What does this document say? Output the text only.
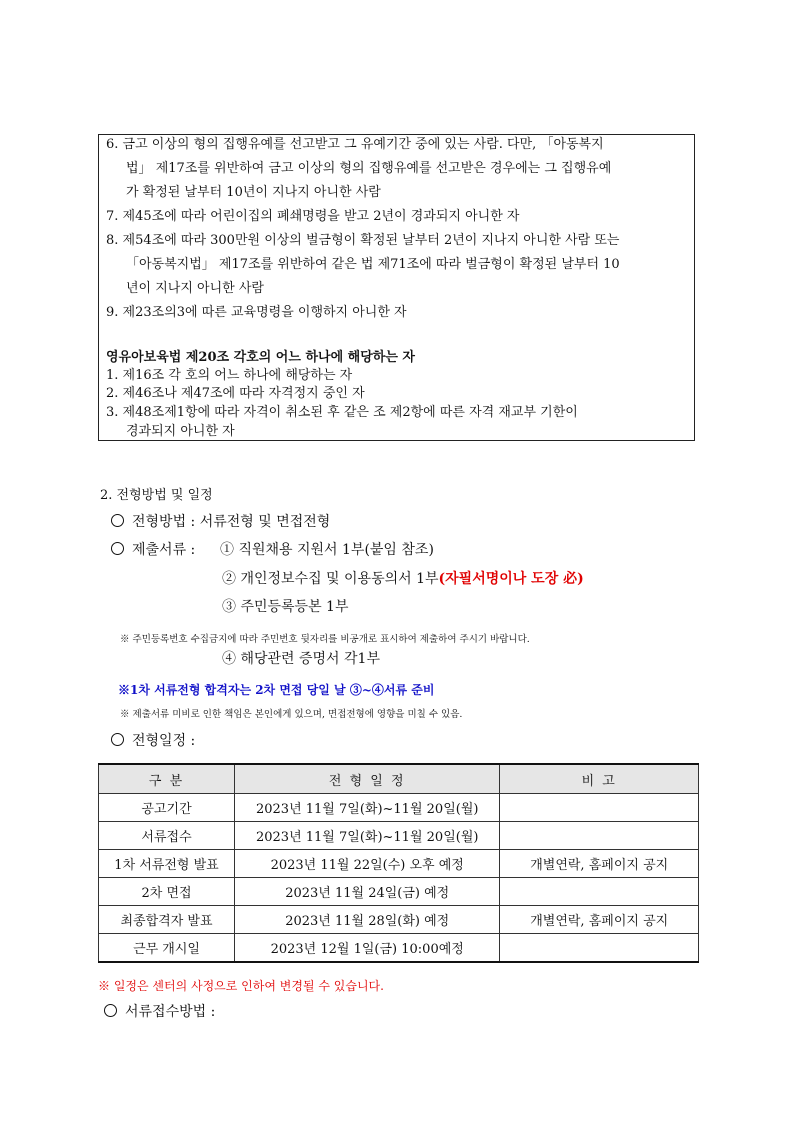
6. 금고 이상의 형의 집행유예를 선고받고 그 유예기간 중에 있는 사람. 다만, 「아동복지
법」 제17조를 위반하여 금고 이상의 형의 집행유예를 선고받은 경우에는 그 집행유예
가 확정된 날부터 10년이 지나지 아니한 사람
7. 제45조에 따라 어린이집의 폐쇄명령을 받고 2년이 경과되지 아니한 자
8. 제54조에 따라 300만원 이상의 벌금형이 확정된 날부터 2년이 지나지 아니한 사람 또는
「아동복지법」 제17조를 위반하여 같은 법 제71조에 따라 벌금형이 확정된 날부터 10
년이 지나지 아니한 사람
9. 제23조의3에 따른 교육명령을 이행하지 아니한 자
영유아보육법 제20조 각호의 어느 하나에 해당하는 자
1. 제16조 각 호의 어느 하나에 해당하는 자
2. 제46조나 제47조에 따라 자격정지 중인 자
3. 제48조제1항에 따라 자격이 취소된 후 같은 조 제2항에 따른 자격 재교부 기한이
경과되지 아니한 자
2. 전형방법 및 일정
전형방법 : 서류전형 및 면접전형
제출서류 : ① 직원채용 지원서 1부(붙임 참조)
② 개인정보수집 및 이용동의서 1부(자필서명이나 도장 必)
③ 주민등록등본 1부
※ 주민등록번호 수집금지에 따라 주민번호 뒷자리를 비공개로 표시하여 제출하여 주시기 바랍니다.
④ 해당관련 증명서 각1부
※1차 서류전형 합격자는 2차 면접 당일 날 ③~④서류 준비
※ 제출서류 미비로 인한 책임은 본인에게 있으며, 면접전형에 영향을 미칠 수 있음.
전형일정 :
구 분	전 형 일 정	비 고
공고기간	2023년 11월 7일(화)~11월 20일(월)	
서류접수	2023년 11월 7일(화)~11월 20일(월)	
1차 서류전형 발표	2023년 11월 22일(수) 오후 예정	개별연락, 홈페이지 공지
2차 면접	2023년 11월 24일(금) 예정	
최종합격자 발표	2023년 11월 28일(화) 예정	개별연락, 홈페이지 공지
근무 개시일	2023년 12월 1일(금) 10:00예정	
※ 일정은 센터의 사정으로 인하여 변경될 수 있습니다.
서류접수방법 :
